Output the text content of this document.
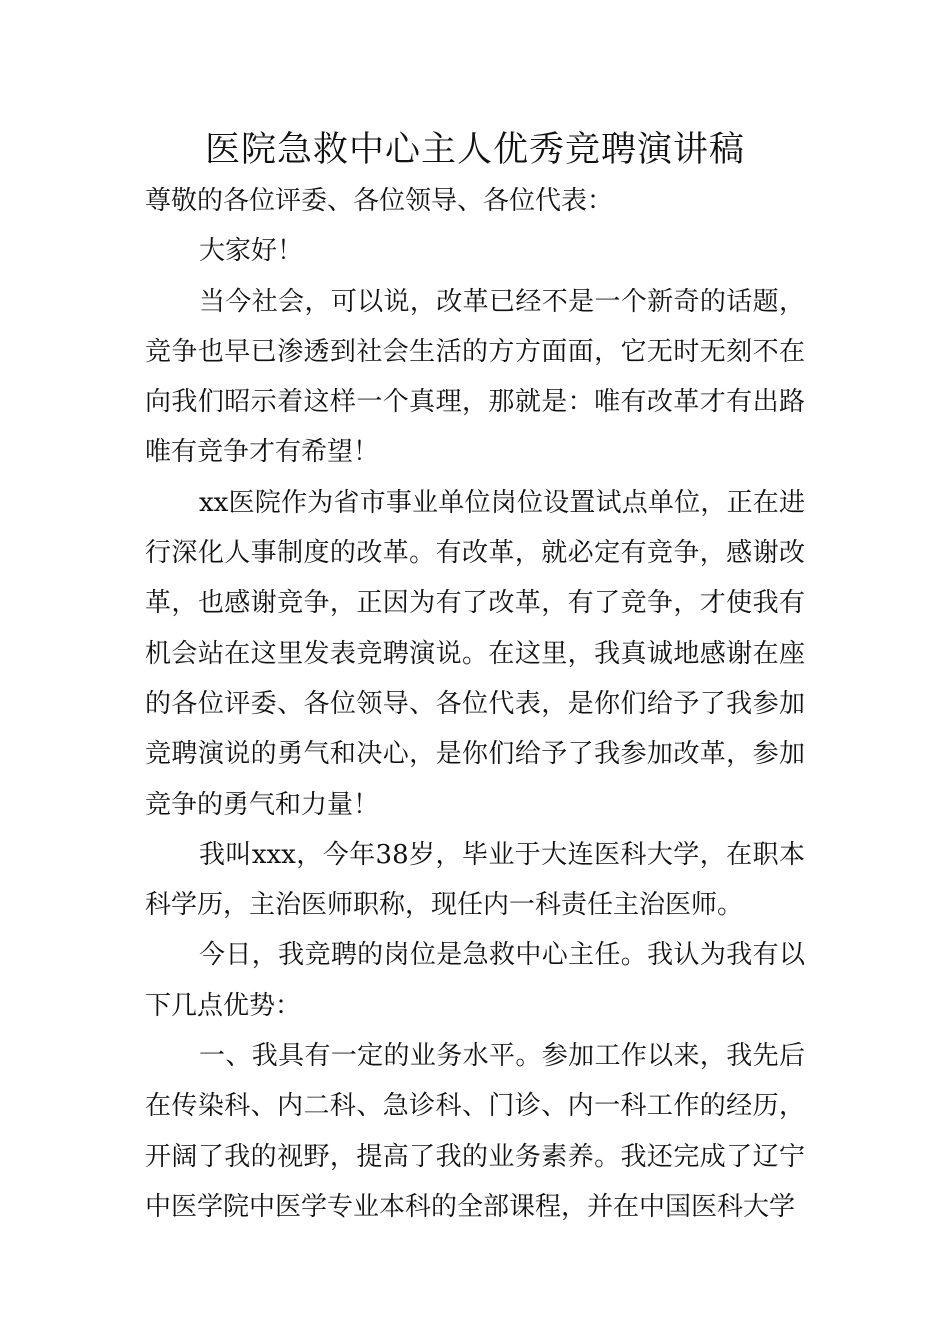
医院急救中心主人优秀竞聘演讲稿

尊敬的各位评委、各位领导、各位代表：

大家好！

当今社会，可以说，改革已经不是一个新奇的话题，竞争也早已渗透到社会生活的方方面面，它无时无刻不在向我们昭示着这样一个真理，那就是：唯有改革才有出路唯有竞争才有希望！

xx医院作为省市事业单位岗位设置试点单位，正在进行深化人事制度的改革。有改革，就必定有竞争，感谢改革，也感谢竞争，正因为有了改革，有了竞争，才使我有机会站在这里发表竞聘演说。在这里，我真诚地感谢在座的各位评委、各位领导、各位代表，是你们给予了我参加竞聘演说的勇气和决心，是你们给予了我参加改革，参加竞争的勇气和力量！

我叫xxx，今年38岁，毕业于大连医科大学，在职本科学历，主治医师职称，现任内一科责任主治医师。

今日，我竞聘的岗位是急救中心主任。我认为我有以下几点优势：

一、我具有一定的业务水平。参加工作以来，我先后在传染科、内二科、急诊科、门诊、内一科工作的经历，开阔了我的视野，提高了我的业务素养。我还完成了辽宁中医学院中医学专业本科的全部课程，并在中国医科大学
